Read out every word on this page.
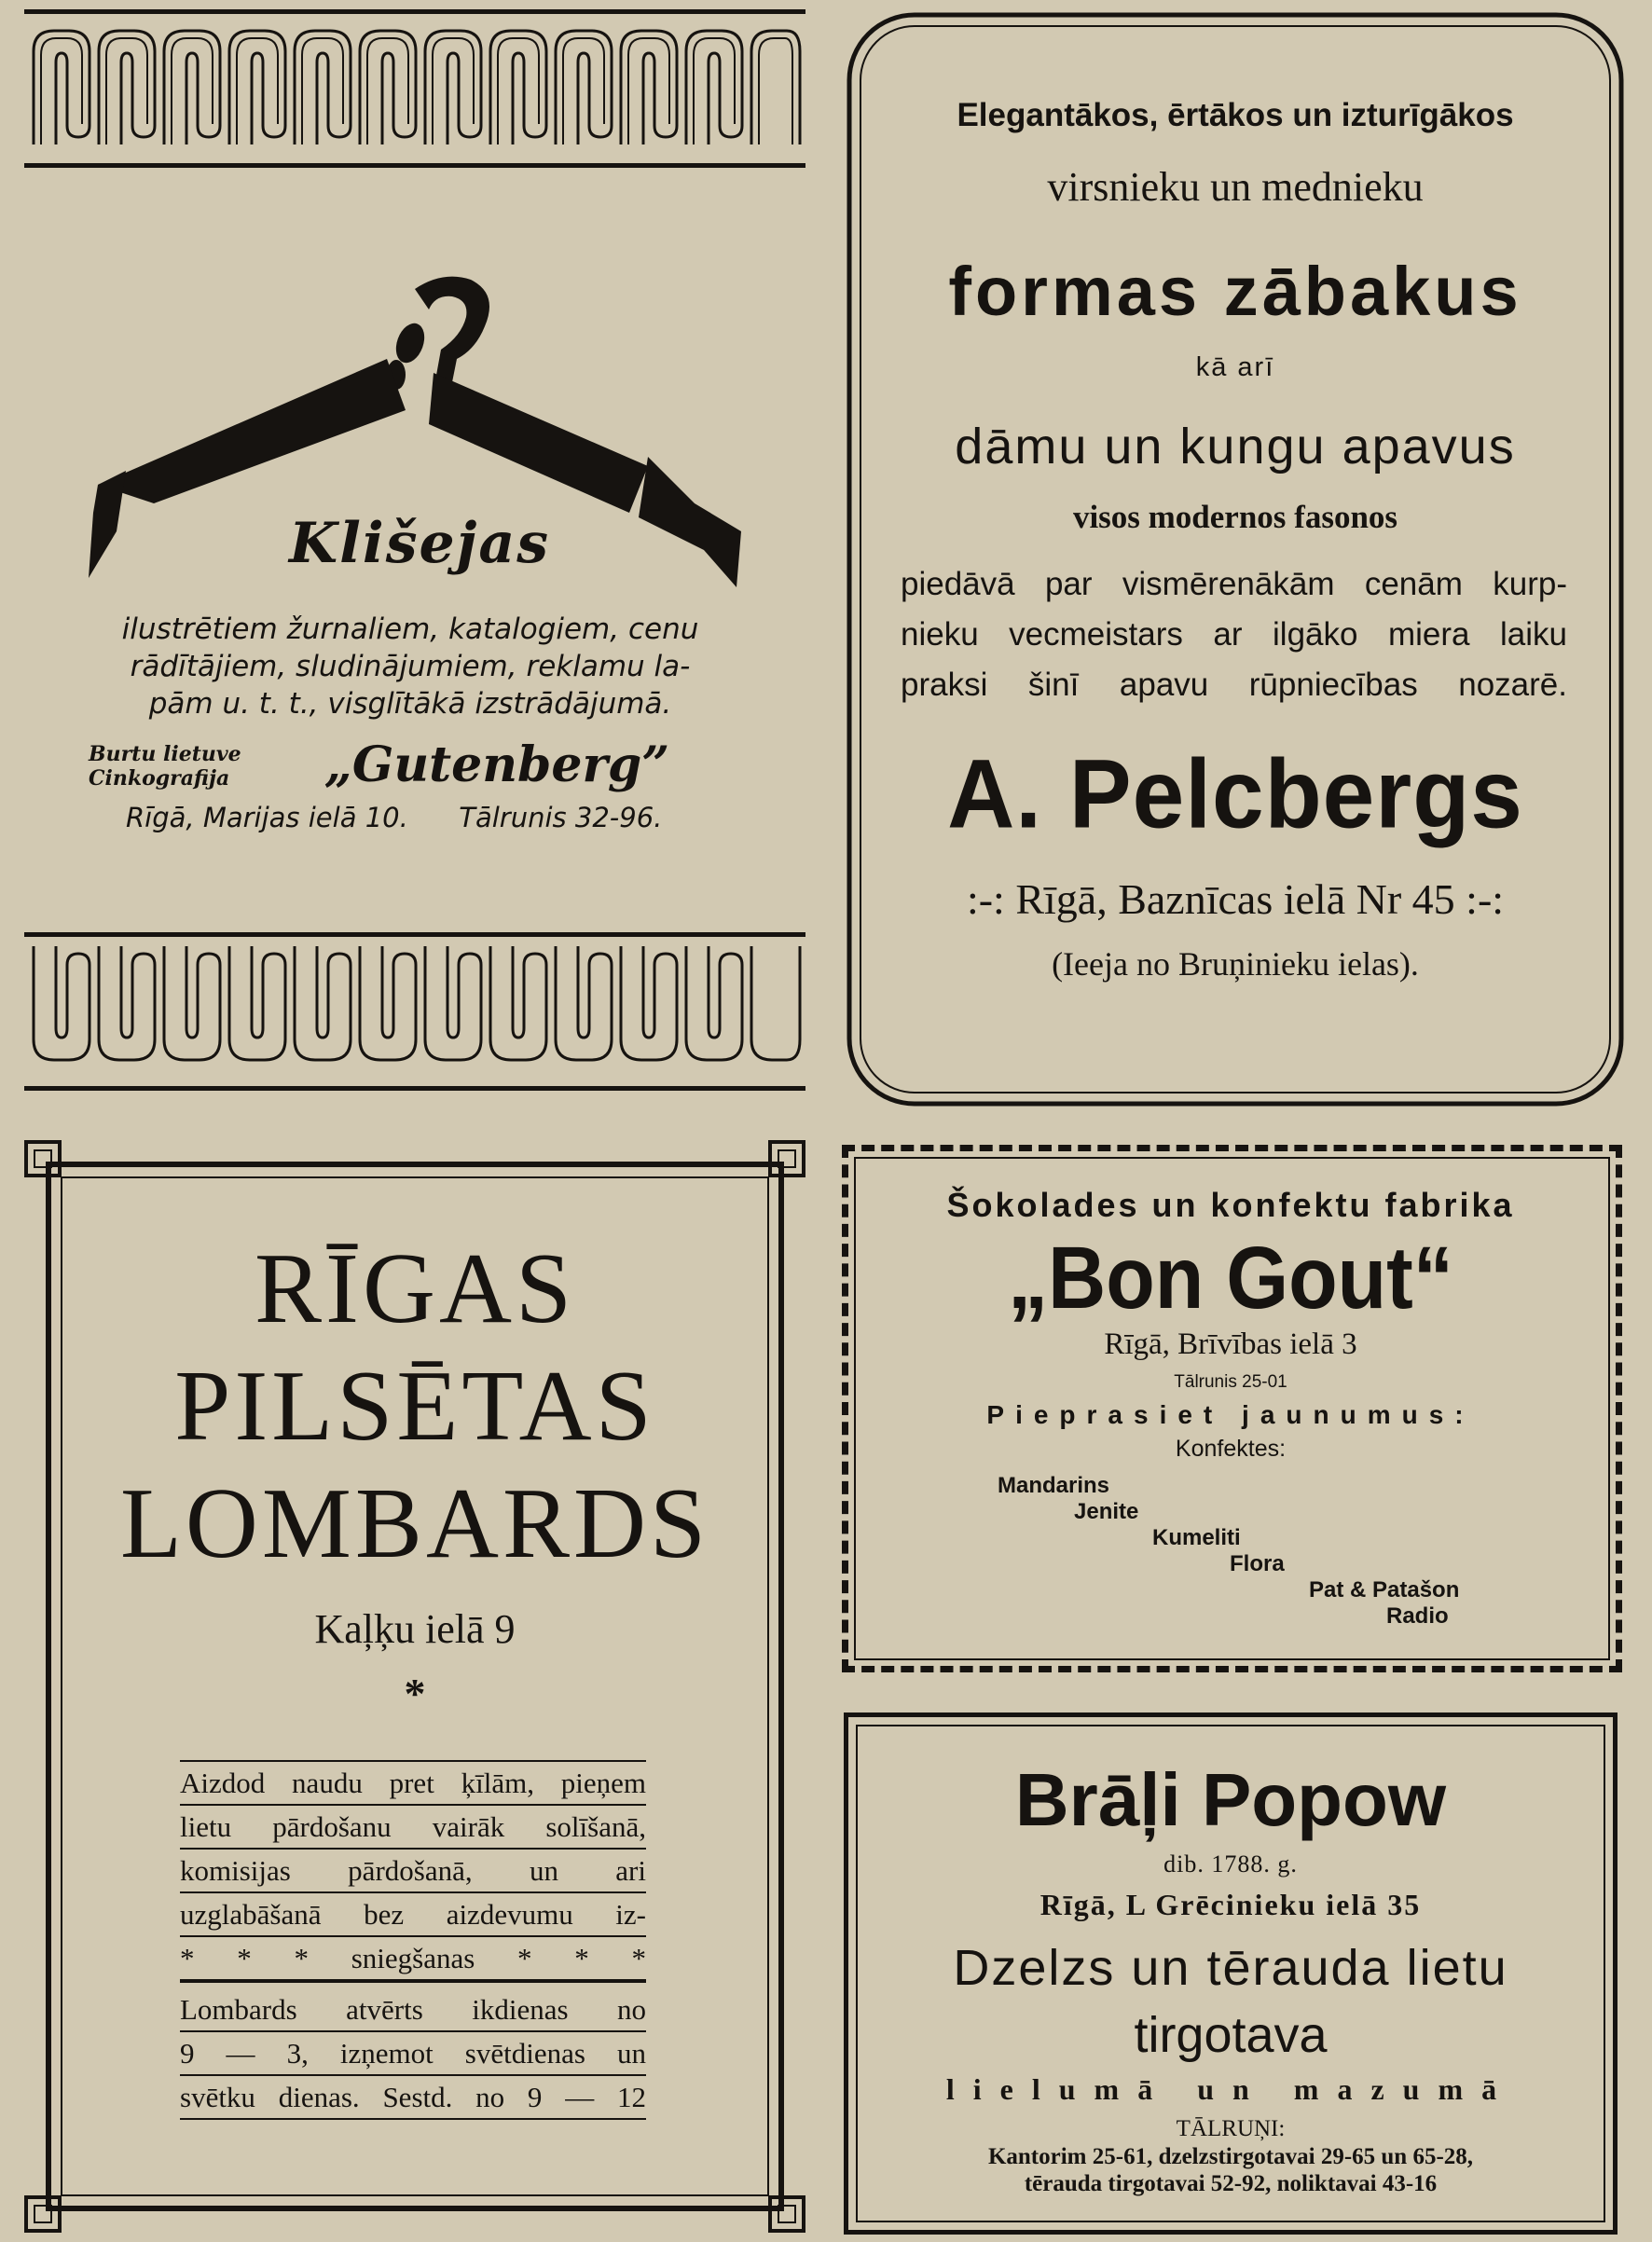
Klišejas
ilustrētiem žurnaliem, katalogiem, cenu
rādītājiem, sludinājumiem, reklamu la-
pām u. t. t., visglītākā izstrādājumā.
Burtu lietuve
Cinkografija „Gutenberg”
Rīgā, Marijas ielā 10. Tālrunis 32-96.
Elegantākos, ērtākos un izturīgākos
virsnieku un mednieku
formas zābakus
kā arī
dāmu un kungu apavus
visos modernos fasonos
piedāvā par vismērenākām cenām kurp-
nieku vecmeistars ar ilgāko miera laiku
praksi šinī apavu rūpniecības nozarē.
A. Pelcbergs
:-: Rīgā, Baznīcas ielā Nr 45 :-:
(Ieeja no Bruņinieku ielas).
RĪGAS
PILSĒTAS
LOMBARDS
Kaļķu ielā 9
*
Aizdod naudu pret ķīlām, pieņem
lietu pārdošanu vairāk solīšanā,
komisijas pārdošanā, un ari
uzglabāšanā bez aizdevumu iz-
* * * sniegšanas * * *
Lombards atvērts ikdienas no
9 — 3, izņemot svētdienas un
svētku dienas. Sestd. no 9 — 12
Šokolades un konfektu fabrika
„Bon Gout“
Rīgā, Brīvības ielā 3
Tālrunis 25-01
Pieprasiet jaunumus:
Konfektes:
Mandarins
Jenite
Kumeliti
Flora
Pat & Patašon
Radio
Brāļi Popow
dib. 1788. g.
Rīgā, L Grēcinieku ielā 35
Dzelzs un tērauda lietu
tirgotava
lielumā un mazumā
TĀLRUŅI:
Kantorim 25-61, dzelzstirgotavai 29-65 un 65-28,
tērauda tirgotavai 52-92, noliktavai 43-16
